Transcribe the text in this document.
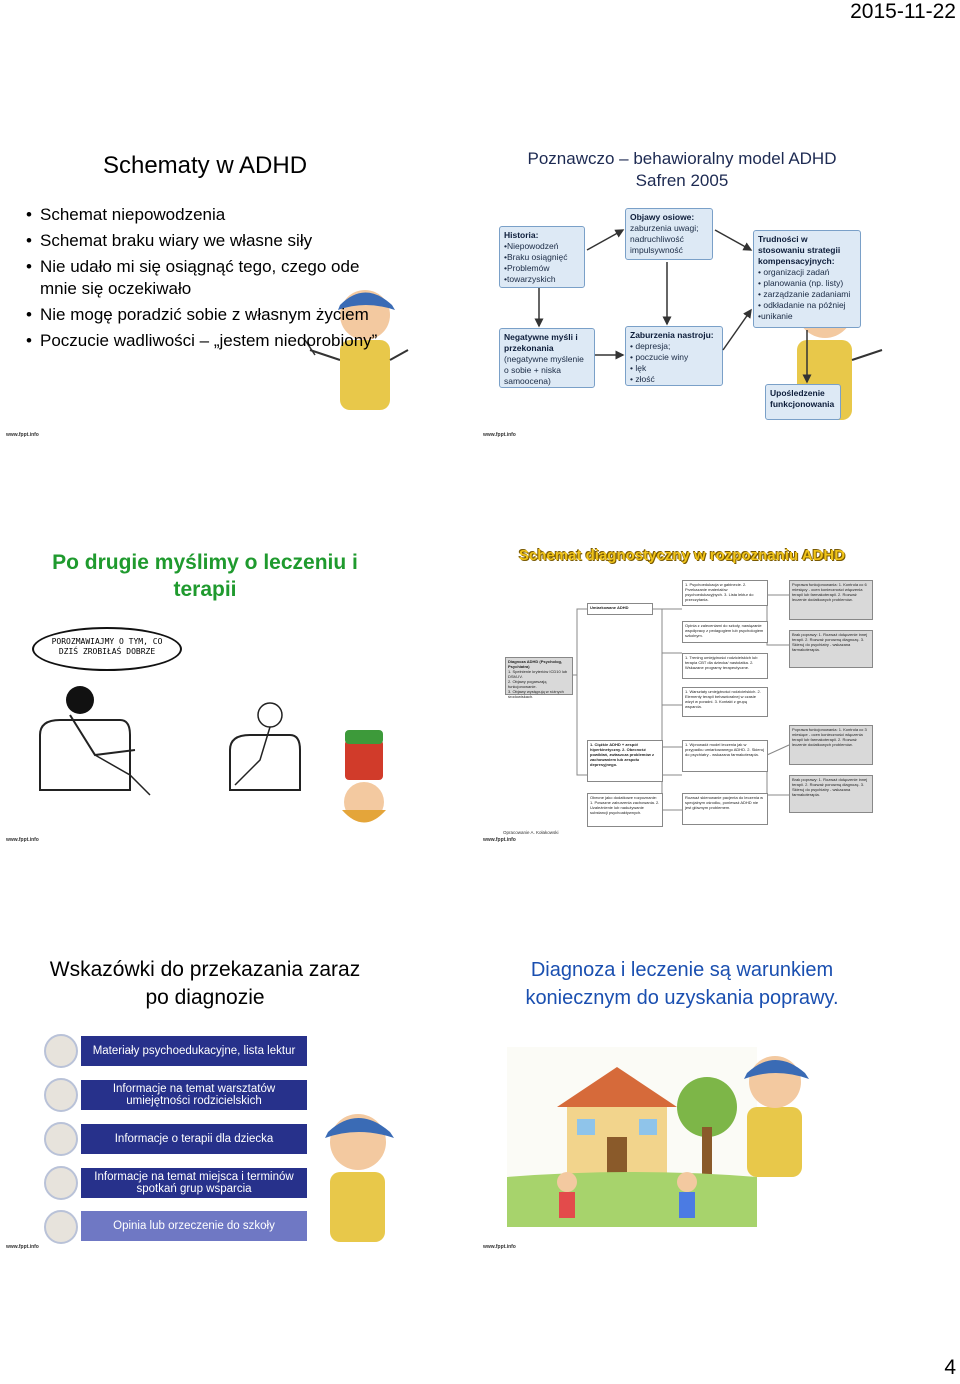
2015-11-22
4
Schematy w ADHD
• Schemat niepowodzenia
• Schemat braku wiary we własne siły
• Nie udało mi się osiągnąć tego, czego ode mnie się oczekiwało
• Nie mogę poradzić sobie z własnym życiem
• Poczucie wadliwości – „jestem niedorobiony”
www.fppt.info
Poznawczo – behawioralny model ADHD
Safren 2005
Historia:
•Niepowodzeń
•Braku osiągnięć
•Problemów
•towarzyskich
Negatywne myśli i przekonania
(negatywne myślenie o sobie + niska samoocena)
Objawy osiowe:
zaburzenia uwagi; nadruchliwość impulsywność
Zaburzenia nastroju:
• depresja;
• poczucie winy
• lęk
• złość
Trudności w stosowaniu strategii kompensacyjnych:
• organizacji zadań
• planowania (np. listy)
• zarządzanie zadaniami
• odkładanie na później
•unikanie
Upośledzenie funkcjonowania
www.fppt.info
Po drugie myślimy o leczeniu i
terapii
POROZMAWIAJMY O TYM, CO DZIŚ ZROBIŁAŚ DOBRZE
www.fppt.info
Schemat diagnostyczny w rozpoznaniu ADHD
Diagnoza ADHD (Psycholog, Psychiatra)
1. Spełnienie kryteriów ICD10 lub DSM-IV.
2. Objawy pogarszają funkcjonowanie.
3. Objawy występują w różnych środowiskach.
Umiarkowane ADHD
1. Psychoedukacja w gabinecie. 2. Przekazanie materiałów psychoedukacyjnych. 3. Lista lektur do przeczytania.
Poprawa funkcjonowania: 1. Kontrola co 6 miesięcy - ocen konieczności włączenia terapii lub farmakoterapii. 2. Rozważ leczenie dodatkowych problemów.
Opinia z zaleceniami do szkoły, nawiązanie współpracy z pedagogiem lub psychologiem szkolnym.	Brak poprawy: 1. Rozważ dołączenie innej terapii. 2. Rozważ ponowną diagnozę. 3. Skieruj do psychiatry - wskazana farmakoterapia.
1. Trening umiejętności rodzicielskich lub terapia CBT dla dziecka/ nastolatka. 2. Wskazane programy terapeutyczne.
1. Warsztaty umiejętności rodzicielskich. 2. Elementy terapii behawioralnej w czasie wizyt w poradni. 3. Kontakt z grupą wsparcia.
1. Ciężkie ADHD + zespół hiperkinetyczny. 2. Obecność powikłań, zwłaszcza problemów z zachowaniem lub zespołu depresyjnego.
1. Wprowadź model leczenia jak w przypadku umiarkowanego ADHD. 2. Skieruj do psychiatry - wskazana farmakoterapia.
Poprawa funkcjonowania: 1. Kontrola co 3 miesiące - ocen konieczności włączenia terapii lub farmakoterapii. 2. Rozważ leczenie dodatkowych problemów.
Brak poprawy: 1. Rozważ dołączenie innej terapii. 2. Rozważ ponowną diagnozę. 3. Skieruj do psychiatry - wskazana farmakoterapia.
Obecne jako dodatkowe rozpoznanie: 1. Powazne zaburzenia zachowania. 2. Uzależnienie lub nadużywanie substancji psychoaktywnych.
Rozważ skierowanie pacjenta do leczenia w specjalnym ośrodku, ponieważ ADHD nie jest głównym problemem.
Opracowanie A. Kołakowski
www.fppt.info
Wskazówki do przekazania zaraz
po diagnozie
Materiały psychoedukacyjne, lista lektur
Informacje na temat warsztatów umiejętności rodzicielskich
Informacje o terapii dla dziecka
Informacje na temat miejsca i terminów spotkań grup wsparcia
Opinia lub orzeczenie do szkoły
www.fppt.info
Diagnoza i leczenie są warunkiem
koniecznym do uzyskania poprawy.
www.fppt.info
